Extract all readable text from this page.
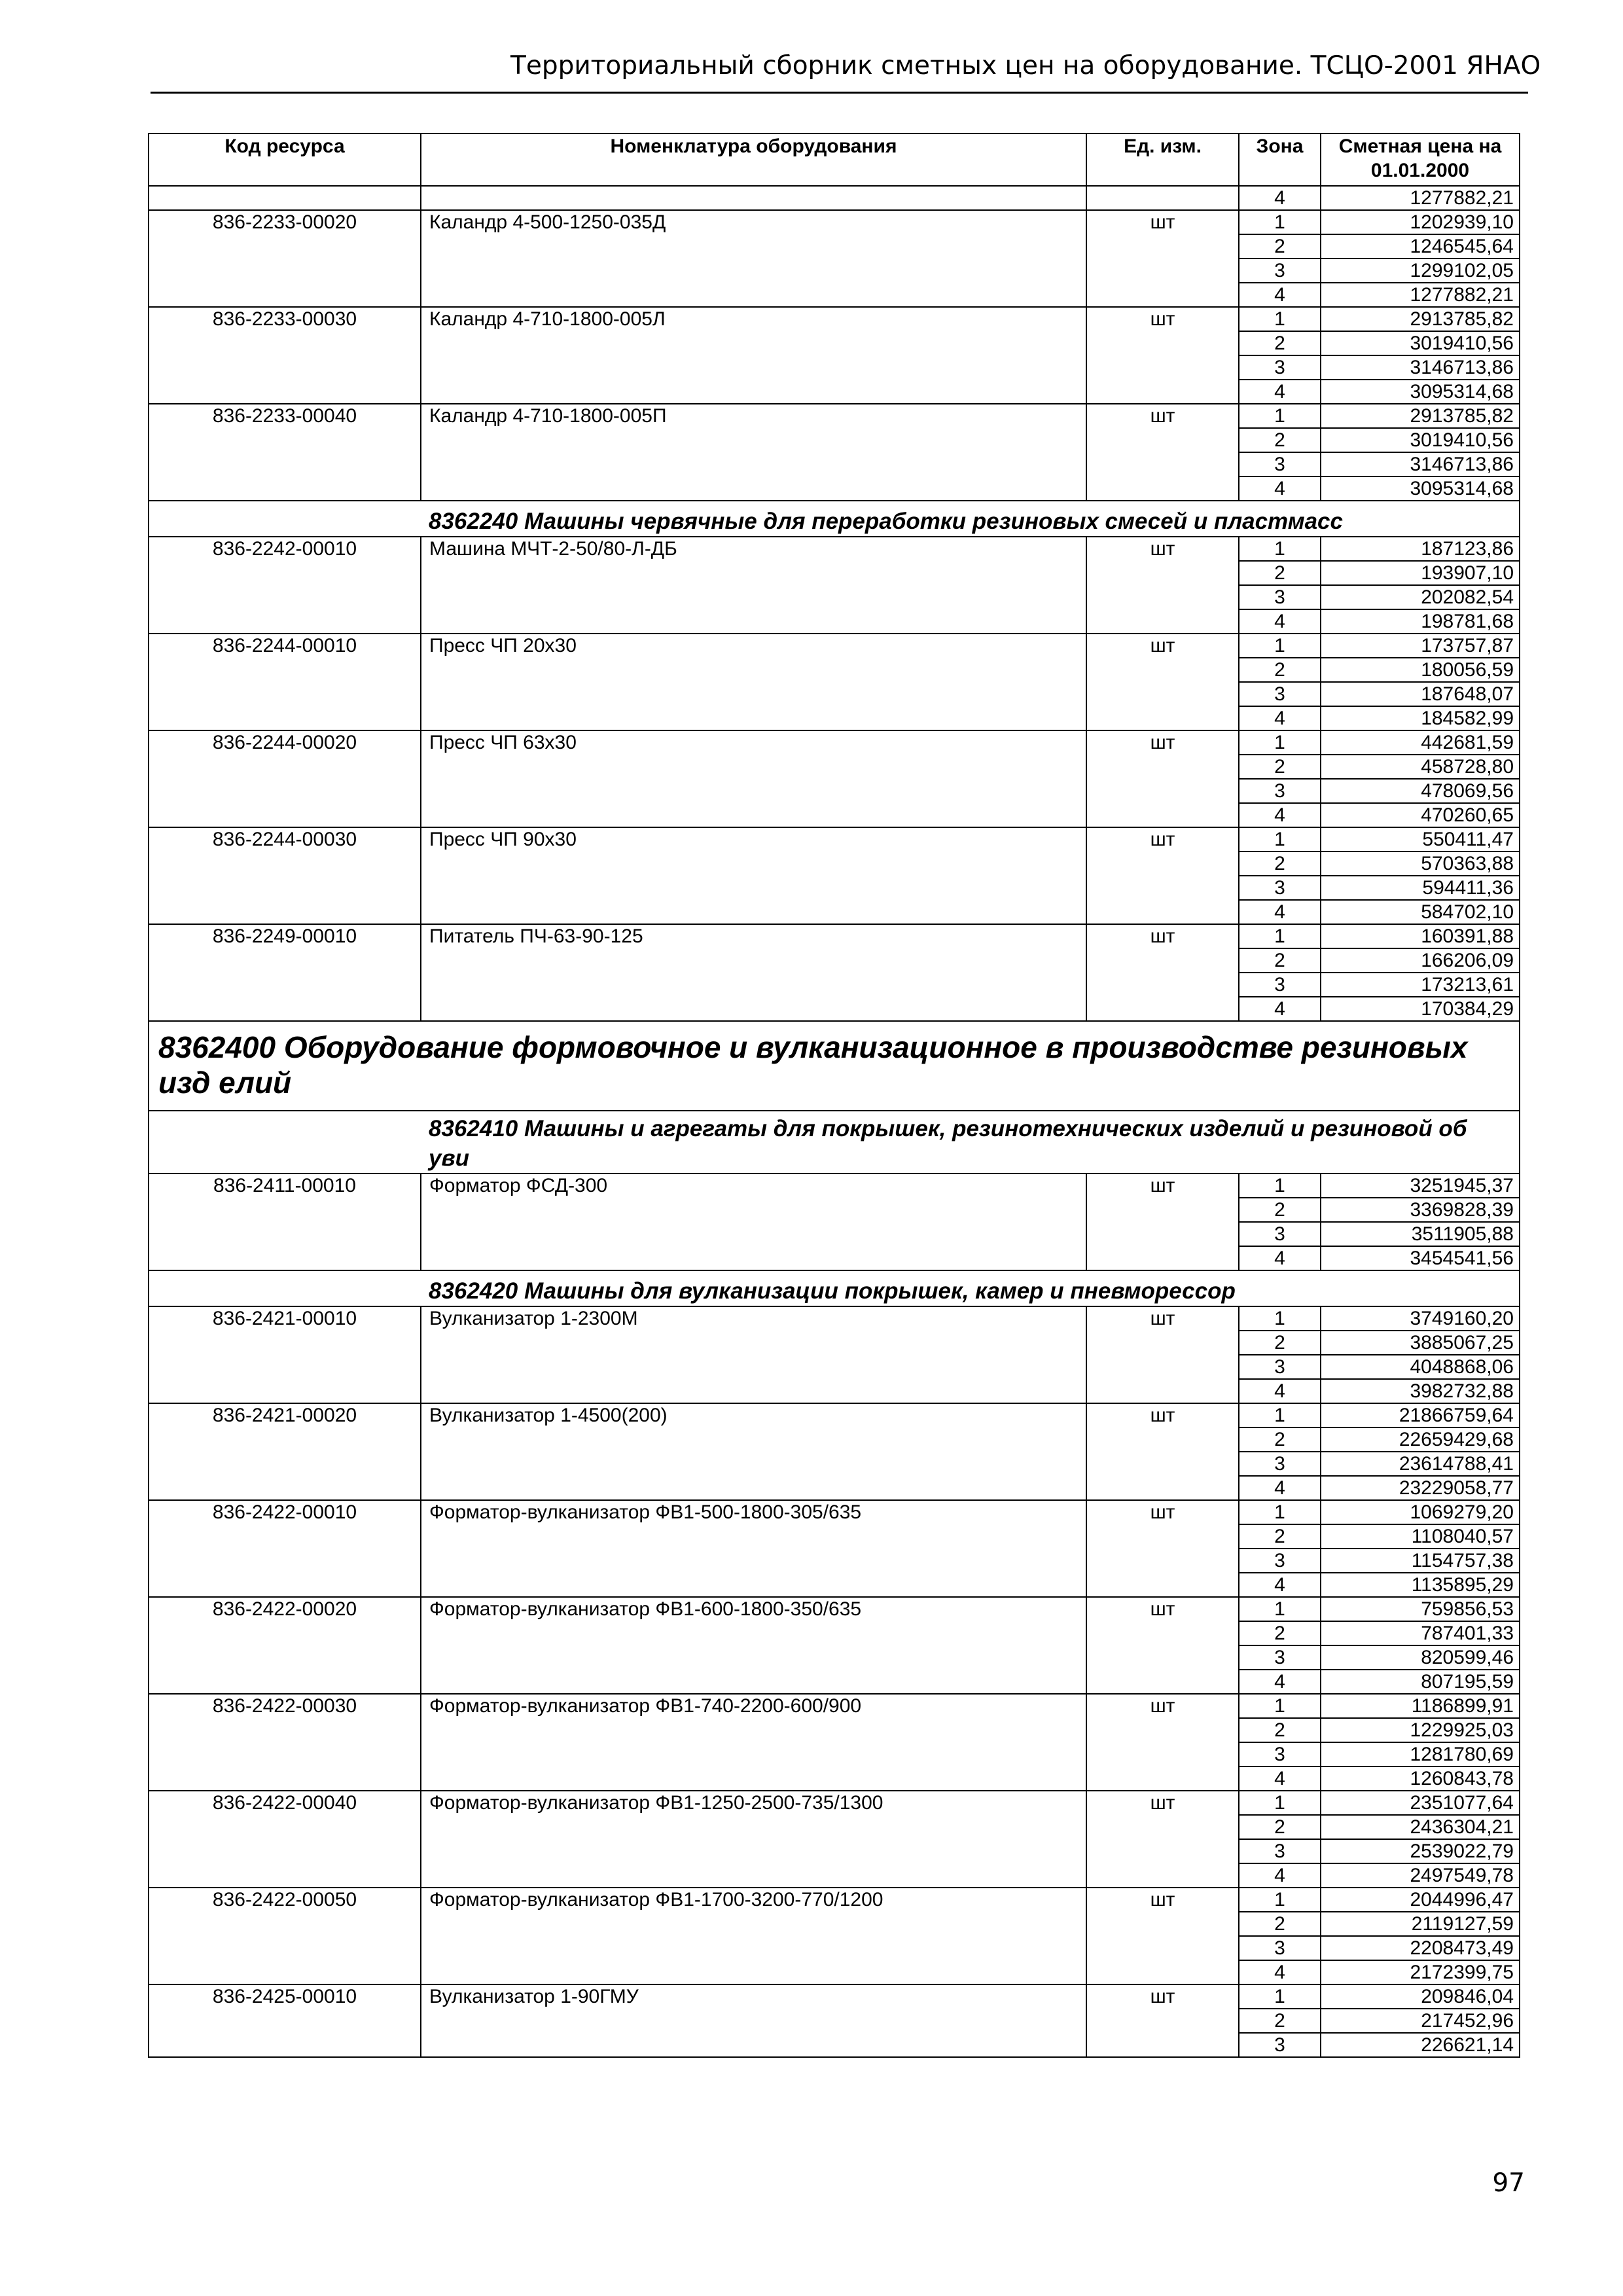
Территориальный сборник сметных цен на оборудование. ТСЦО-2001 ЯНАО
Код ресурса	Номенклатура оборудования	Ед. изм.	Зона	Сметная цена на 01.01.2000
			4	1277882,21
836-2233-00020	Каландр 4-500-1250-035Д	шт	1	1202939,10
			2	1246545,64
			3	1299102,05
			4	1277882,21
836-2233-00030	Каландр 4-710-1800-005Л	шт	1	2913785,82
			2	3019410,56
			3	3146713,86
			4	3095314,68
836-2233-00040	Каландр 4-710-1800-005П	шт	1	2913785,82
			2	3019410,56
			3	3146713,86
			4	3095314,68
	8362240 Машины червячные для переработки резиновых смесей и пластмасс			
836-2242-00010	Машина МЧТ-2-50/80-Л-ДБ	шт	1	187123,86
			2	193907,10
			3	202082,54
			4	198781,68
836-2244-00010	Пресс ЧП 20х30	шт	1	173757,87
			2	180056,59
			3	187648,07
			4	184582,99
836-2244-00020	Пресс ЧП 63х30	шт	1	442681,59
			2	458728,80
			3	478069,56
			4	470260,65
836-2244-00030	Пресс ЧП 90х30	шт	1	550411,47
			2	570363,88
			3	594411,36
			4	584702,10
836-2249-00010	Питатель ПЧ-63-90-125	шт	1	160391,88
			2	166206,09
			3	173213,61
			4	170384,29
8362400 Оборудование формовочное и вулканизационное в производстве резиновых изд елий				
	8362410 Машины и агрегаты для покрышек, резинотехнических изделий и резиновой об уви			
836-2411-00010	Форматор ФСД-300	шт	1	3251945,37
			2	3369828,39
			3	3511905,88
			4	3454541,56
	8362420 Машины для вулканизации покрышек, камер и пневморессор			
836-2421-00010	Вулканизатор 1-2300М	шт	1	3749160,20
			2	3885067,25
			3	4048868,06
			4	3982732,88
836-2421-00020	Вулканизатор 1-4500(200)	шт	1	21866759,64
			2	22659429,68
			3	23614788,41
			4	23229058,77
836-2422-00010	Форматор-вулканизатор ФВ1-500-1800-305/635	шт	1	1069279,20
			2	1108040,57
			3	1154757,38
			4	1135895,29
836-2422-00020	Форматор-вулканизатор ФВ1-600-1800-350/635	шт	1	759856,53
			2	787401,33
			3	820599,46
			4	807195,59
836-2422-00030	Форматор-вулканизатор ФВ1-740-2200-600/900	шт	1	1186899,91
			2	1229925,03
			3	1281780,69
			4	1260843,78
836-2422-00040	Форматор-вулканизатор ФВ1-1250-2500-735/1300	шт	1	2351077,64
			2	2436304,21
			3	2539022,79
			4	2497549,78
836-2422-00050	Форматор-вулканизатор ФВ1-1700-3200-770/1200	шт	1	2044996,47
			2	2119127,59
			3	2208473,49
			4	2172399,75
836-2425-00010	Вулканизатор 1-90ГМУ	шт	1	209846,04
			2	217452,96
			3	226621,14
97
